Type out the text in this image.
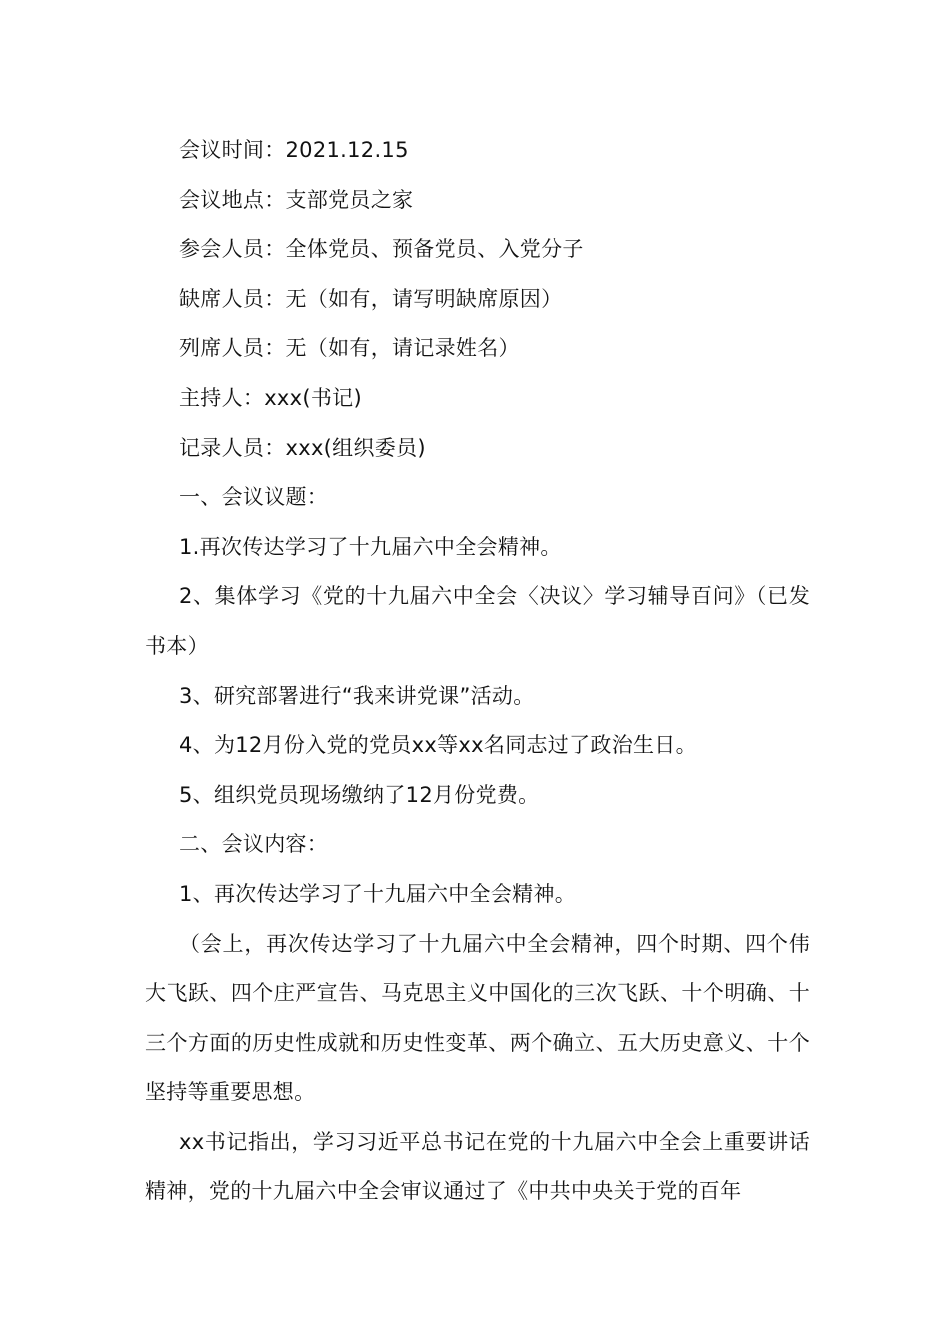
会议时间：2021.12.15

会议地点：支部党员之家

参会人员：全体党员、预备党员、入党分子

缺席人员：无（如有，请写明缺席原因）

列席人员：无（如有，请记录姓名）

主持人：xxx(书记)

记录人员：xxx(组织委员)

一、会议议题：

1.再次传达学习了十九届六中全会精神。

2、集体学习《党的十九届六中全会〈决议〉学习辅导百问》（已发书本）

3、研究部署进行“我来讲党课”活动。

4、为12月份入党的党员xx等xx名同志过了政治生日。

5、组织党员现场缴纳了12月份党费。

二、会议内容：

1、再次传达学习了十九届六中全会精神。

（会上，再次传达学习了十九届六中全会精神，四个时期、四个伟大飞跃、四个庄严宣告、马克思主义中国化的三次飞跃、十个明确、十三个方面的历史性成就和历史性变革、两个确立、五大历史意义、十个坚持等重要思想。

xx书记指出，学习习近平总书记在党的十九届六中全会上重要讲话精神，党的十九届六中全会审议通过了《中共中央关于党的百年
